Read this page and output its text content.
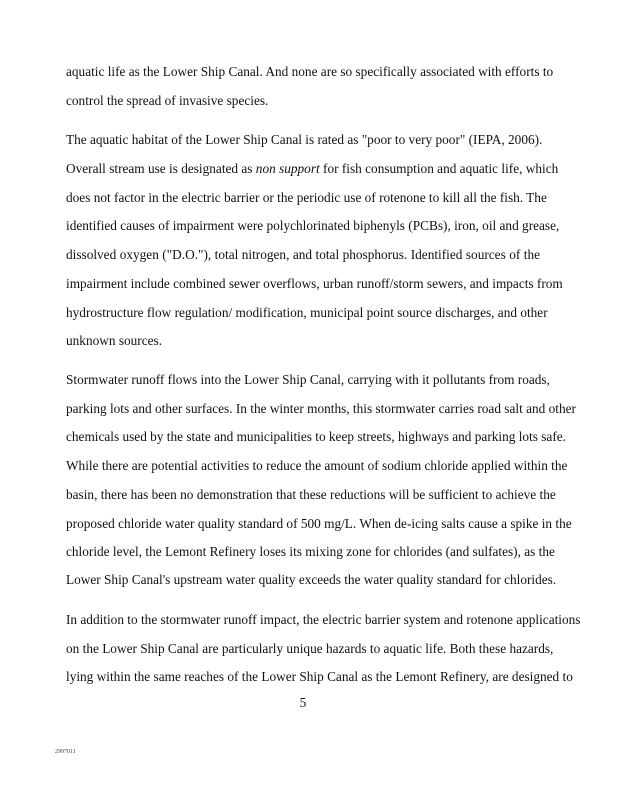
aquatic life as the Lower Ship Canal. And none are so specifically associated with efforts to
control the spread of invasive species.
The aquatic habitat of the Lower Ship Canal is rated as "poor to very poor" (IEPA, 2006).
Overall stream use is designated as non support for fish consumption and aquatic life, which
does not factor in the electric barrier or the periodic use of rotenone to kill all the fish. The
identified causes of impairment were polychlorinated biphenyls (PCBs), iron, oil and grease,
dissolved oxygen ("D.O."), total nitrogen, and total phosphorus. Identified sources of the
impairment include combined sewer overflows, urban runoff/storm sewers, and impacts from
hydrostructure flow regulation/ modification, municipal point source discharges, and other
unknown sources.
Stormwater runoff flows into the Lower Ship Canal, carrying with it pollutants from roads,
parking lots and other surfaces. In the winter months, this stormwater carries road salt and other
chemicals used by the state and municipalities to keep streets, highways and parking lots safe.
While there are potential activities to reduce the amount of sodium chloride applied within the
basin, there has been no demonstration that these reductions will be sufficient to achieve the
proposed chloride water quality standard of 500 mg/L. When de-icing salts cause a spike in the
chloride level, the Lemont Refinery loses its mixing zone for chlorides (and sulfates), as the
Lower Ship Canal's upstream water quality exceeds the water quality standard for chlorides.
In addition to the stormwater runoff impact, the electric barrier system and rotenone applications
on the Lower Ship Canal are particularly unique hazards to aquatic life. Both these hazards,
lying within the same reaches of the Lower Ship Canal as the Lemont Refinery, are designed to
5
2997011
